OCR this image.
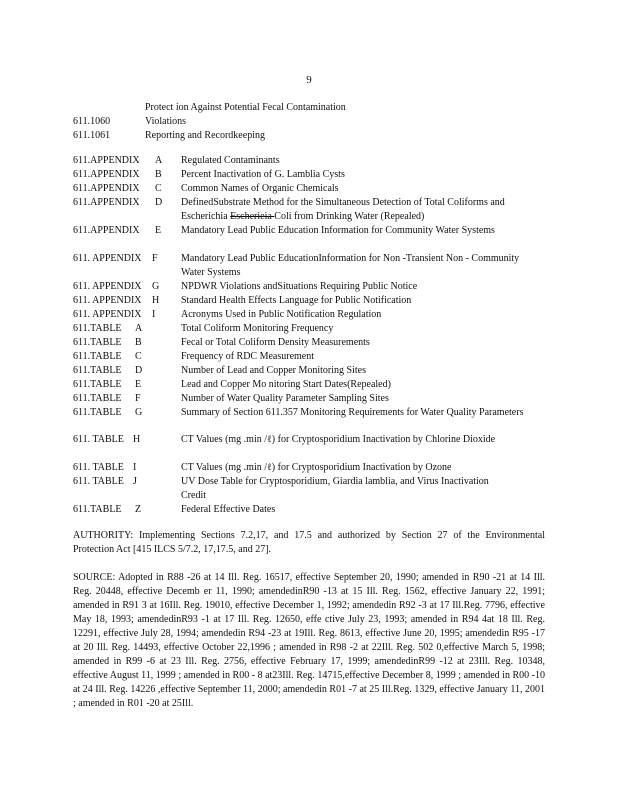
9
Protect ion Against Potential Fecal Contamination
611.1060	Violations
611.1061	Reporting and Recordkeeping
611.APPENDIX A Regulated Contaminants
611.APPENDIX B Percent Inactivation of G. Lamblia Cysts
611.APPENDIX C Common Names of Organic Chemicals
611.APPENDIX D DefinedSubstrate Method for the Simultaneous Detection of Total Coliforms and Escherichia Escherieia Coli from Drinking Water (Repealed)
611.APPENDIX E Mandatory Lead Public Education Information for Community Water Systems
611. APPENDIX F Mandatory Lead Public EducationInformation for Non -Transient Non - Community Water Systems
611. APPENDIX G NPDWR Violations andSituations Requiring Public Notice
611. APPENDIX H Standard Health Effects Language for Public Notification
611. APPENDIX I	Acronyms Used in Public Notification Regulation
611.TABLE A	Total Coliform Monitoring Frequency
611.TABLE B	Fecal or Total Coliform Density Measurements
611.TABLE C	Frequency of RDC Measurement
611.TABLE D	Number of Lead and Copper Monitoring Sites
611.TABLE E	Lead and Copper Mo nitoring Start Dates(Repealed)
611.TABLE F	Number of Water Quality Parameter Sampling Sites
611.TABLE G	Summary of Section 611.357 Monitoring Requirements for Water Quality Parameters
611. TABLE H	CT Values (mg .min /ℓ) for Cryptosporidium Inactivation by Chlorine Dioxide
611. TABLE I	CT Values (mg .min /ℓ) for Cryptosporidium Inactivation by Ozone
611. TABLE J	UV Dose Table for Cryptosporidium, Giardia lamblia, and Virus Inactivation Credit
611.TABLE Z	Federal Effective Dates
AUTHORITY: Implementing Sections 7.2,17, and 17.5 and authorized by Section 27 of the Environmental Protection Act [415 ILCS 5/7.2, 17,17.5, and 27].
SOURCE: Adopted in R88 -26 at 14 Ill. Reg. 16517, effective September 20, 1990; amended in R90 -21 at 14 Ill. Reg. 20448, effective Decemb er 11, 1990; amendedinR90 -13 at 15 Ill. Reg. 1562, effective January 22, 1991; amended in R91 3 at 16Ill. Reg. 19010, effective December 1, 1992; amendedin R92 -3 at 17 Ill.Reg. 7796, effective May 18, 1993; amendedinR93 -1 at 17 Ill. Reg. 12650, effe ctive July 23, 1993; amended in R94 4at 18 Ill. Reg. 12291, effective July 28, 1994; amendedin R94 -23 at 19Ill. Reg. 8613, effective June 20, 1995; amendedin R95 -17 at 20 Ill. Reg. 14493, effective October 22,1996 ; amended in R98 -2 at 22Ill. Reg. 502 0,effective March 5, 1998; amended in R99 -6 at 23 Ill. Reg. 2756, effective February 17, 1999; amendedinR99 -12 at 23Ill. Reg. 10348, effective August 11, 1999 ; amended in R00 - 8 at23Ill. Reg. 14715,effective December 8, 1999 ; amended in R00 -10 at 24 Ill. Reg. 14226 ,effective September 11, 2000; amendedin R01 -7 at 25 Ill.Reg. 1329, effective January 11, 2001 ; amended in R01 -20 at 25Ill.
